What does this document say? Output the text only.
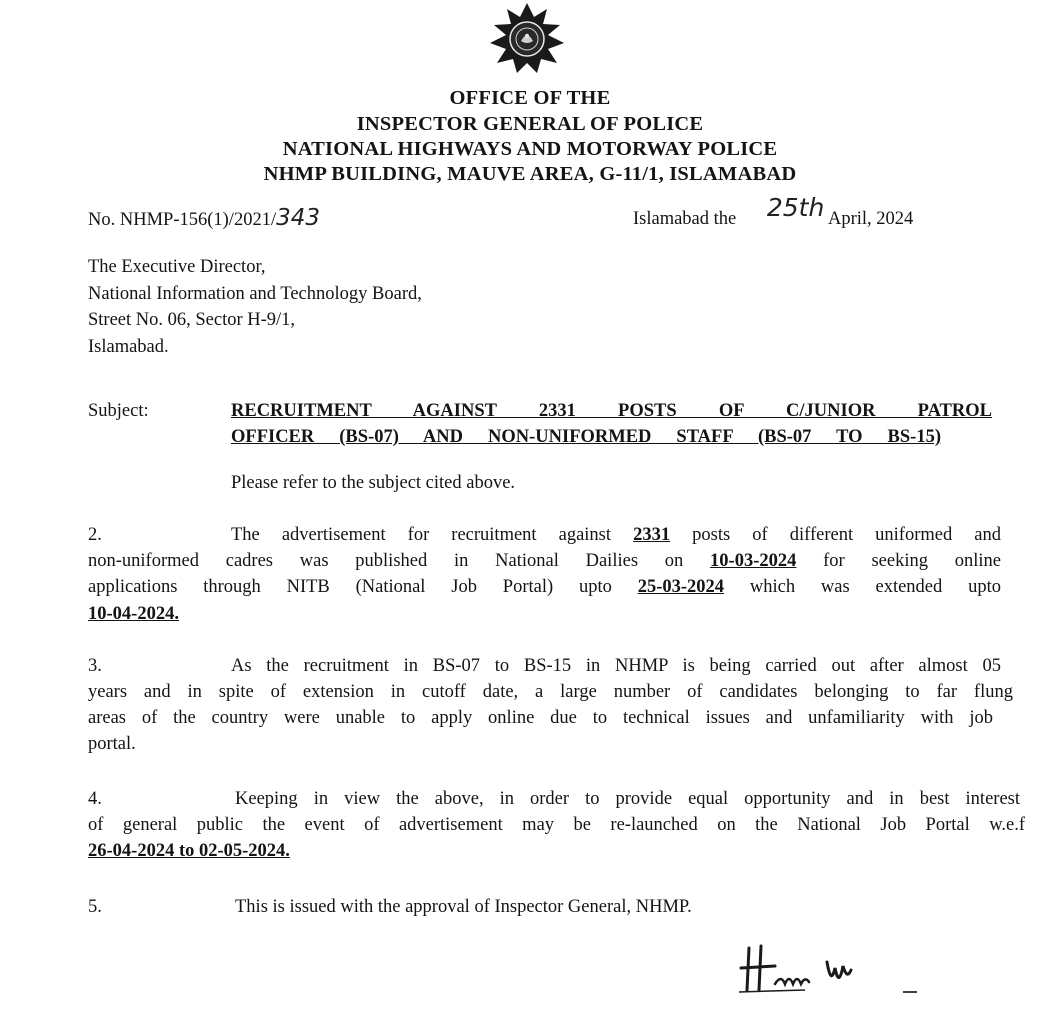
OFFICE OF THE
INSPECTOR GENERAL OF POLICE
NATIONAL HIGHWAYS AND MOTORWAY POLICE
NHMP BUILDING, MAUVE AREA, G-11/1, ISLAMABAD
No. NHMP-156(1)/2021/343	Islamabad the 25th April, 2024
The Executive Director,
National Information and Technology Board,
Street No. 06, Sector H-9/1,
Islamabad.
Subject:	RECRUITMENT AGAINST 2331 POSTS OF C/JUNIOR PATROL
OFFICER (BS-07) AND NON-UNIFORMED STAFF (BS-07 TO BS-15)
Please refer to the subject cited above.
2.	The advertisement for recruitment against 2331 posts of different uniformed and
non-uniformed cadres was published in National Dailies on 10-03-2024 for seeking online
applications through NITB (National Job Portal) upto 25-03-2024 which was extended upto
10-04-2024.
3.	As the recruitment in BS-07 to BS-15 in NHMP is being carried out after almost 05
years and in spite of extension in cutoff date, a large number of candidates belonging to far flung
areas of the country were unable to apply online due to technical issues and unfamiliarity with job
portal.
4.	Keeping in view the above, in order to provide equal opportunity and in best interest
of general public the event of advertisement may be re-launched on the National Job Portal w.e.f
26-04-2024 to 02-05-2024.
5.	This is issued with the approval of Inspector General, NHMP.
